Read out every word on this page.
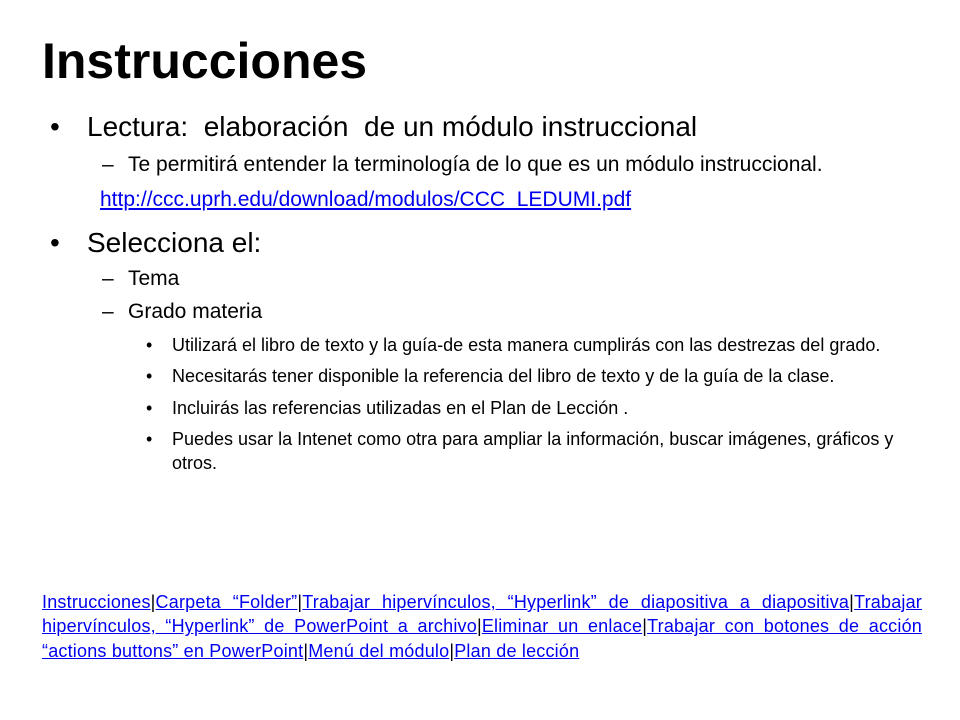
Instrucciones
• Lectura:  elaboración  de un módulo instruccional
– Te permitirá entender la terminología de lo que es un módulo instruccional.
http://ccc.uprh.edu/download/modulos/CCC_LEDUMI.pdf
• Selecciona el:
– Tema
– Grado materia
• Utilizará el libro de texto y la guía-de esta manera cumplirás con las destrezas del grado.
• Necesitarás tener disponible la referencia del libro de texto y de la guía de la clase.
• Incluirás las referencias utilizadas en el Plan de Lección .
• Puedes usar la Intenet como otra para ampliar la información, buscar imágenes, gráficos y otros.
Instrucciones|Carpeta “Folder”|Trabajar hipervínculos, “Hyperlink” de diapositiva a diapositiva|Trabajar hipervínculos, “Hyperlink” de PowerPoint a archivo|Eliminar un enlace|Trabajar con botones de acción “actions buttons” en PowerPoint|Menú del módulo|Plan de lección
